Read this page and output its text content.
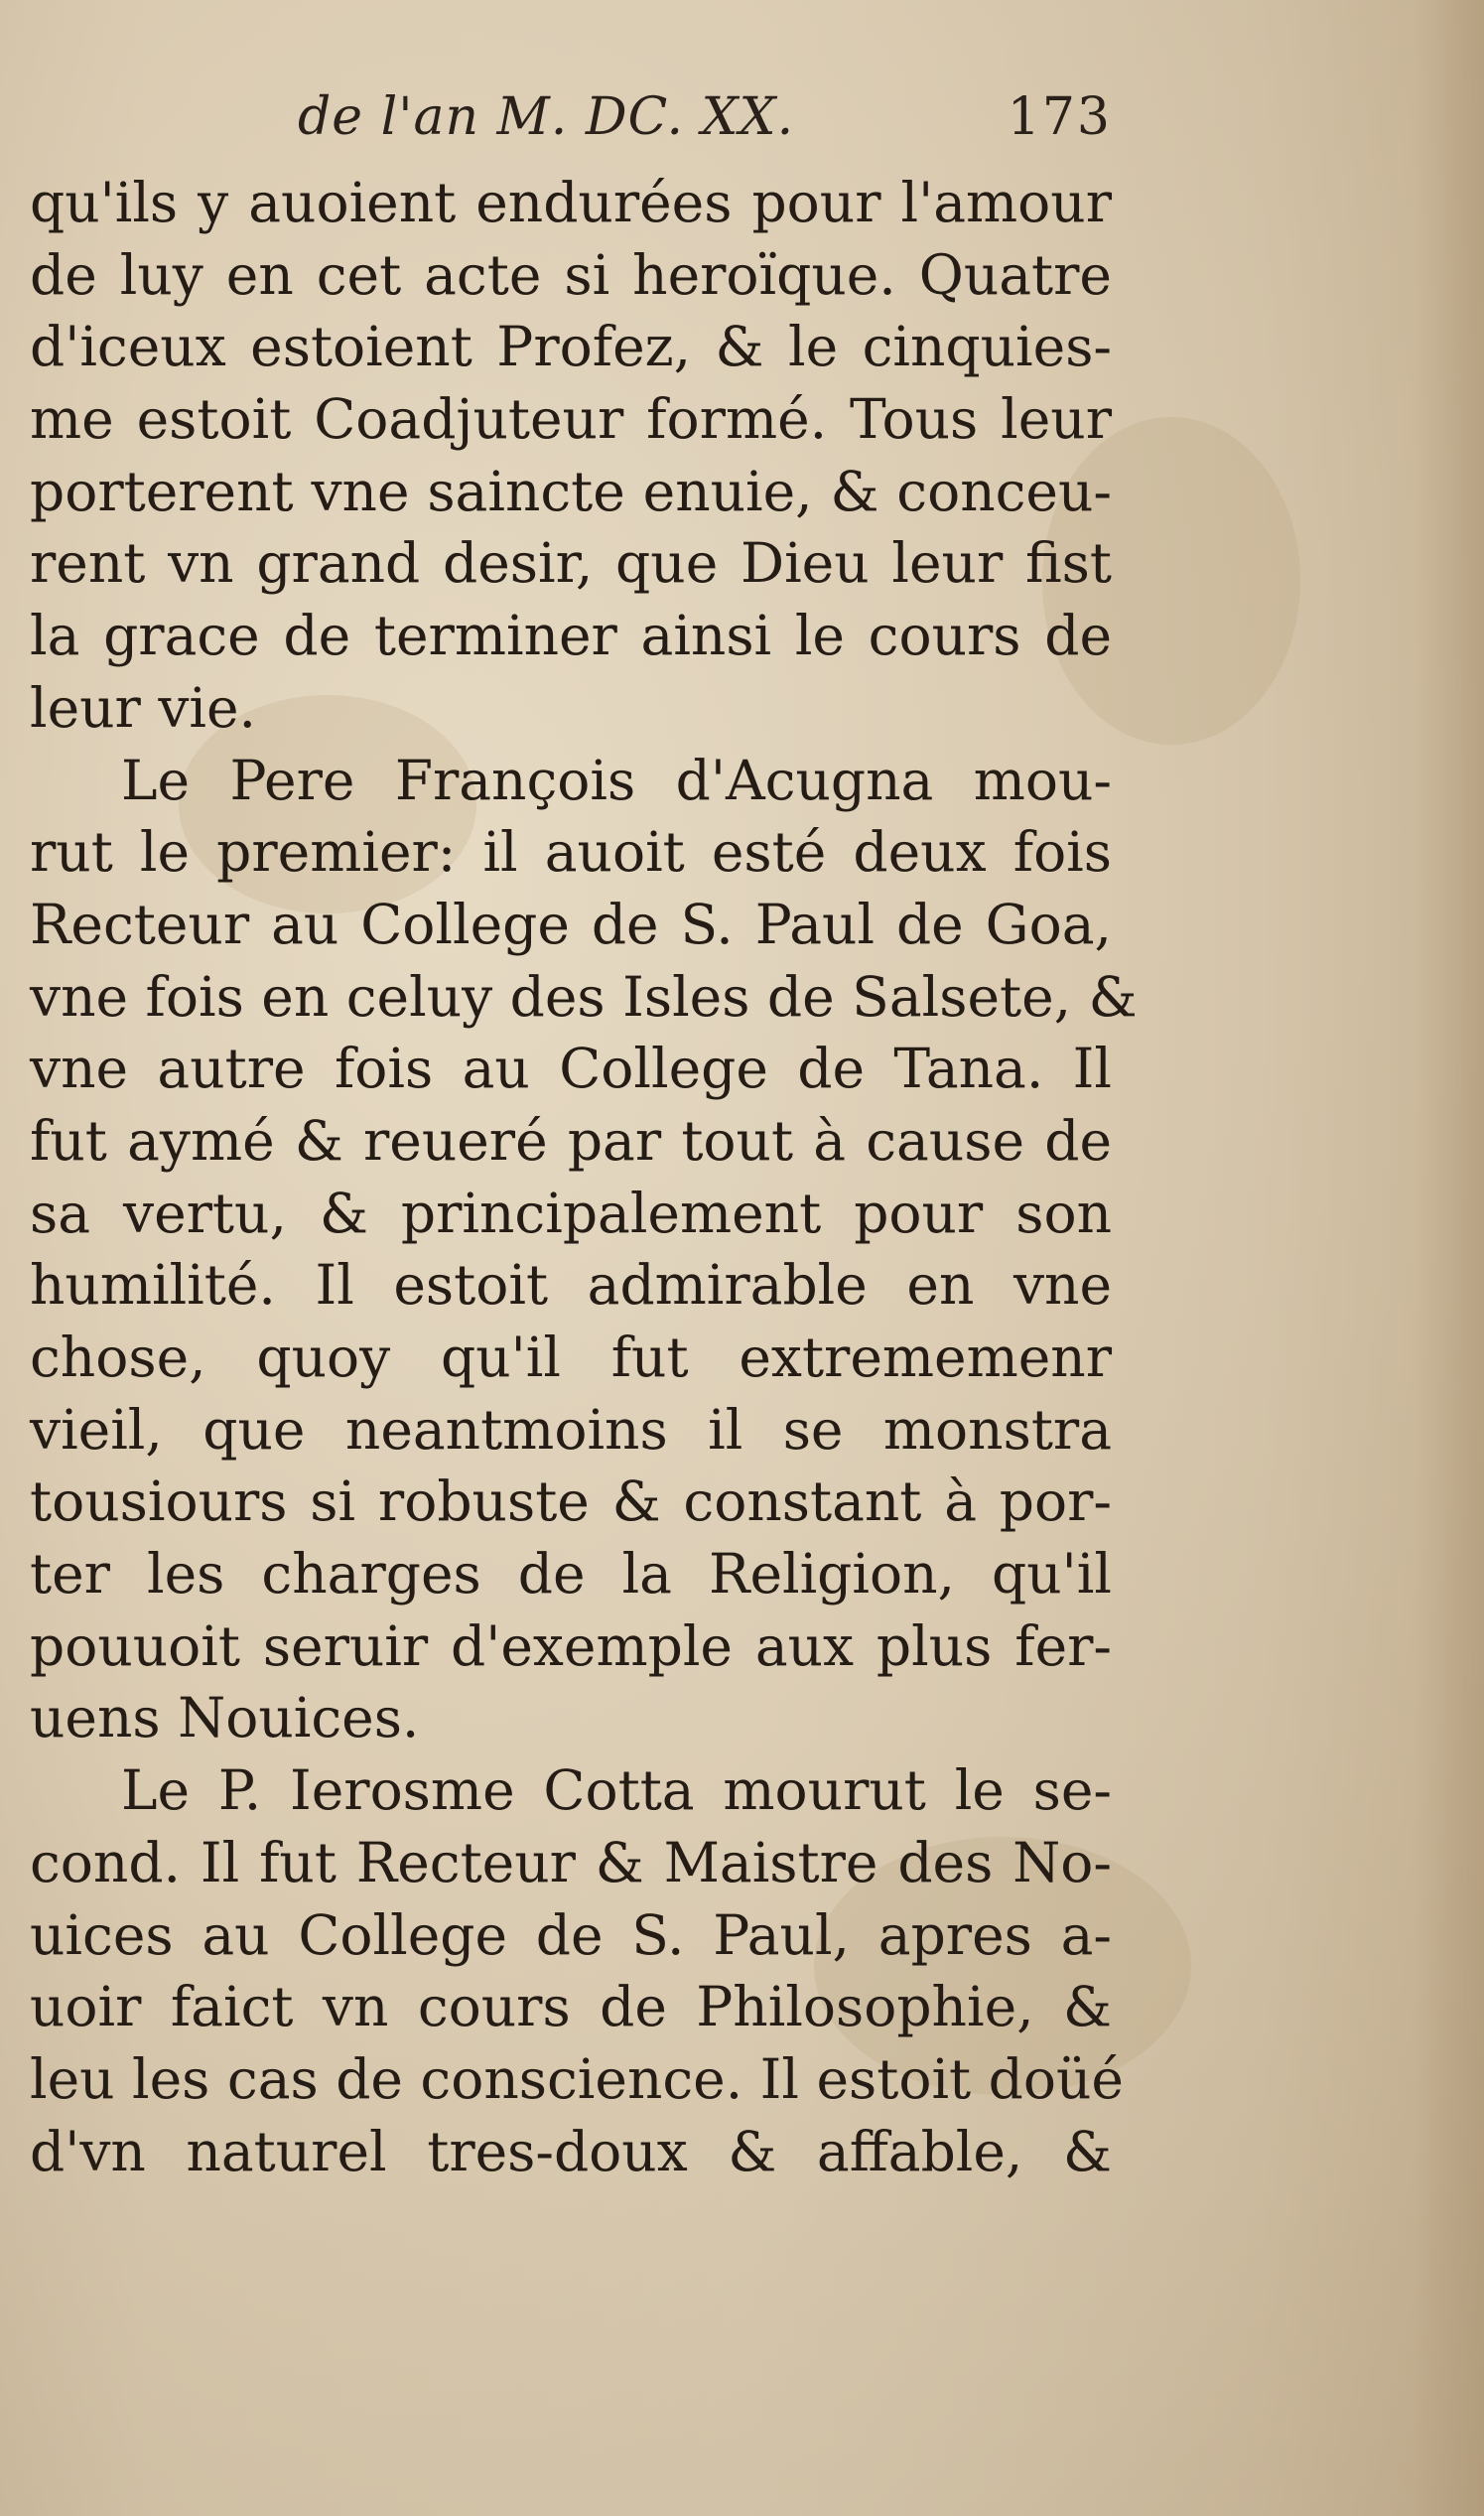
de l'an M. DC. XX.	173
qu'ils y auoient endurées pour l'amour
de luy en cet acte si heroïque. Quatre
d'iceux estoient Profez, & le cinquies-
me estoit Coadjuteur formé. Tous leur
porterent vne saincte enuie, & conceu-
rent vn grand desir, que Dieu leur fist
la grace de terminer ainsi le cours de
leur vie.
Le Pere François d'Acugna mou-
rut le premier: il auoit esté deux fois
Recteur au College de S. Paul de Goa,
vne fois en celuy des Isles de Salsete, &
vne autre fois au College de Tana. Il
fut aymé & reueré par tout à cause de
sa vertu, & principalement pour son
humilité. Il estoit admirable en vne
chose, quoy qu'il fut extrememenr
vieil, que neantmoins il se monstra
tousiours si robuste & constant à por-
ter les charges de la Religion, qu'il
pouuoit seruir d'exemple aux plus fer-
uens Nouices.
Le P. Ierosme Cotta mourut le se-
cond. Il fut Recteur & Maistre des No-
uices au College de S. Paul, apres a-
uoir faict vn cours de Philosophie, &
leu les cas de conscience. Il estoit doüé
d'vn naturel tres-doux & affable, &
